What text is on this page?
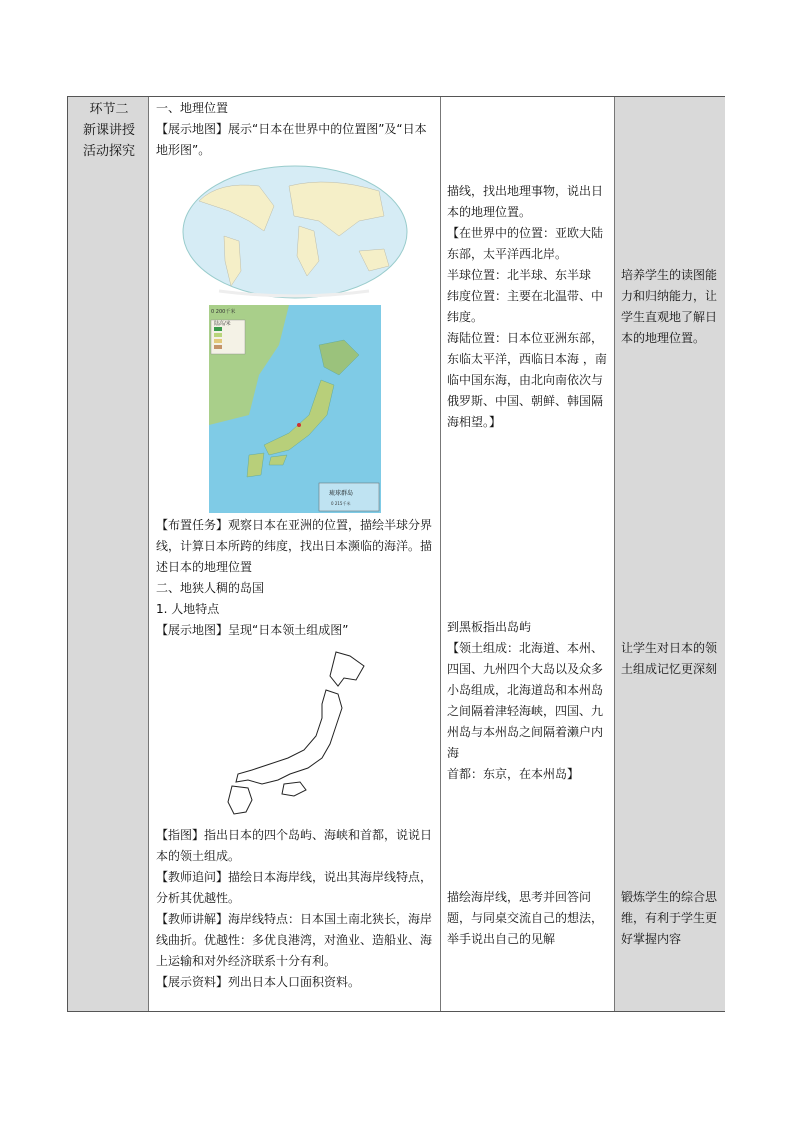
环节二
新课讲授
活动探究

一、地理位置

【展示地图】展示“日本在世界中的位置图”及“日本地形图”。

陆高/米
0 200千米
琉球群岛
0 215千米

【布置任务】观察日本在亚洲的位置，描绘半球分界线，计算日本所跨的纬度，找出日本濒临的海洋。描述日本的地理位置

二、地狭人稠的岛国

1. 人地特点

【展示地图】呈现“日本领土组成图”

【指图】指出日本的四个岛屿、海峡和首都，说说日本的领土组成。

【教师追问】描绘日本海岸线，说出其海岸线特点，分析其优越性。

【教师讲解】海岸线特点：日本国土南北狭长，海岸线曲折。优越性：多优良港湾，对渔业、造船业、海上运输和对外经济联系十分有利。

【展示资料】列出日本人口面积资料。

描线，找出地理事物，说出日本的地理位置。

【在世界中的位置：亚欧大陆东部，太平洋西北岸。

半球位置：北半球、东半球

纬度位置：主要在北温带、中纬度。

海陆位置：日本位亚洲东部，东临太平洋，西临日本海 ，南临中国东海，由北向南依次与俄罗斯、中国、朝鲜、韩国隔海相望。】

到黑板指出岛屿

【领土组成：北海道、本州、四国、九州四个大岛以及众多小岛组成，北海道岛和本州岛之间隔着津轻海峡，四国、九州岛与本州岛之间隔着濑户内海

首都：东京，在本州岛】

描绘海岸线，思考并回答问题，与同桌交流自己的想法，举手说出自己的见解

培养学生的读图能力和归纳能力，让学生直观地了解日本的地理位置。

让学生对日本的领土组成记忆更深刻

锻炼学生的综合思维，有利于学生更好掌握内容
